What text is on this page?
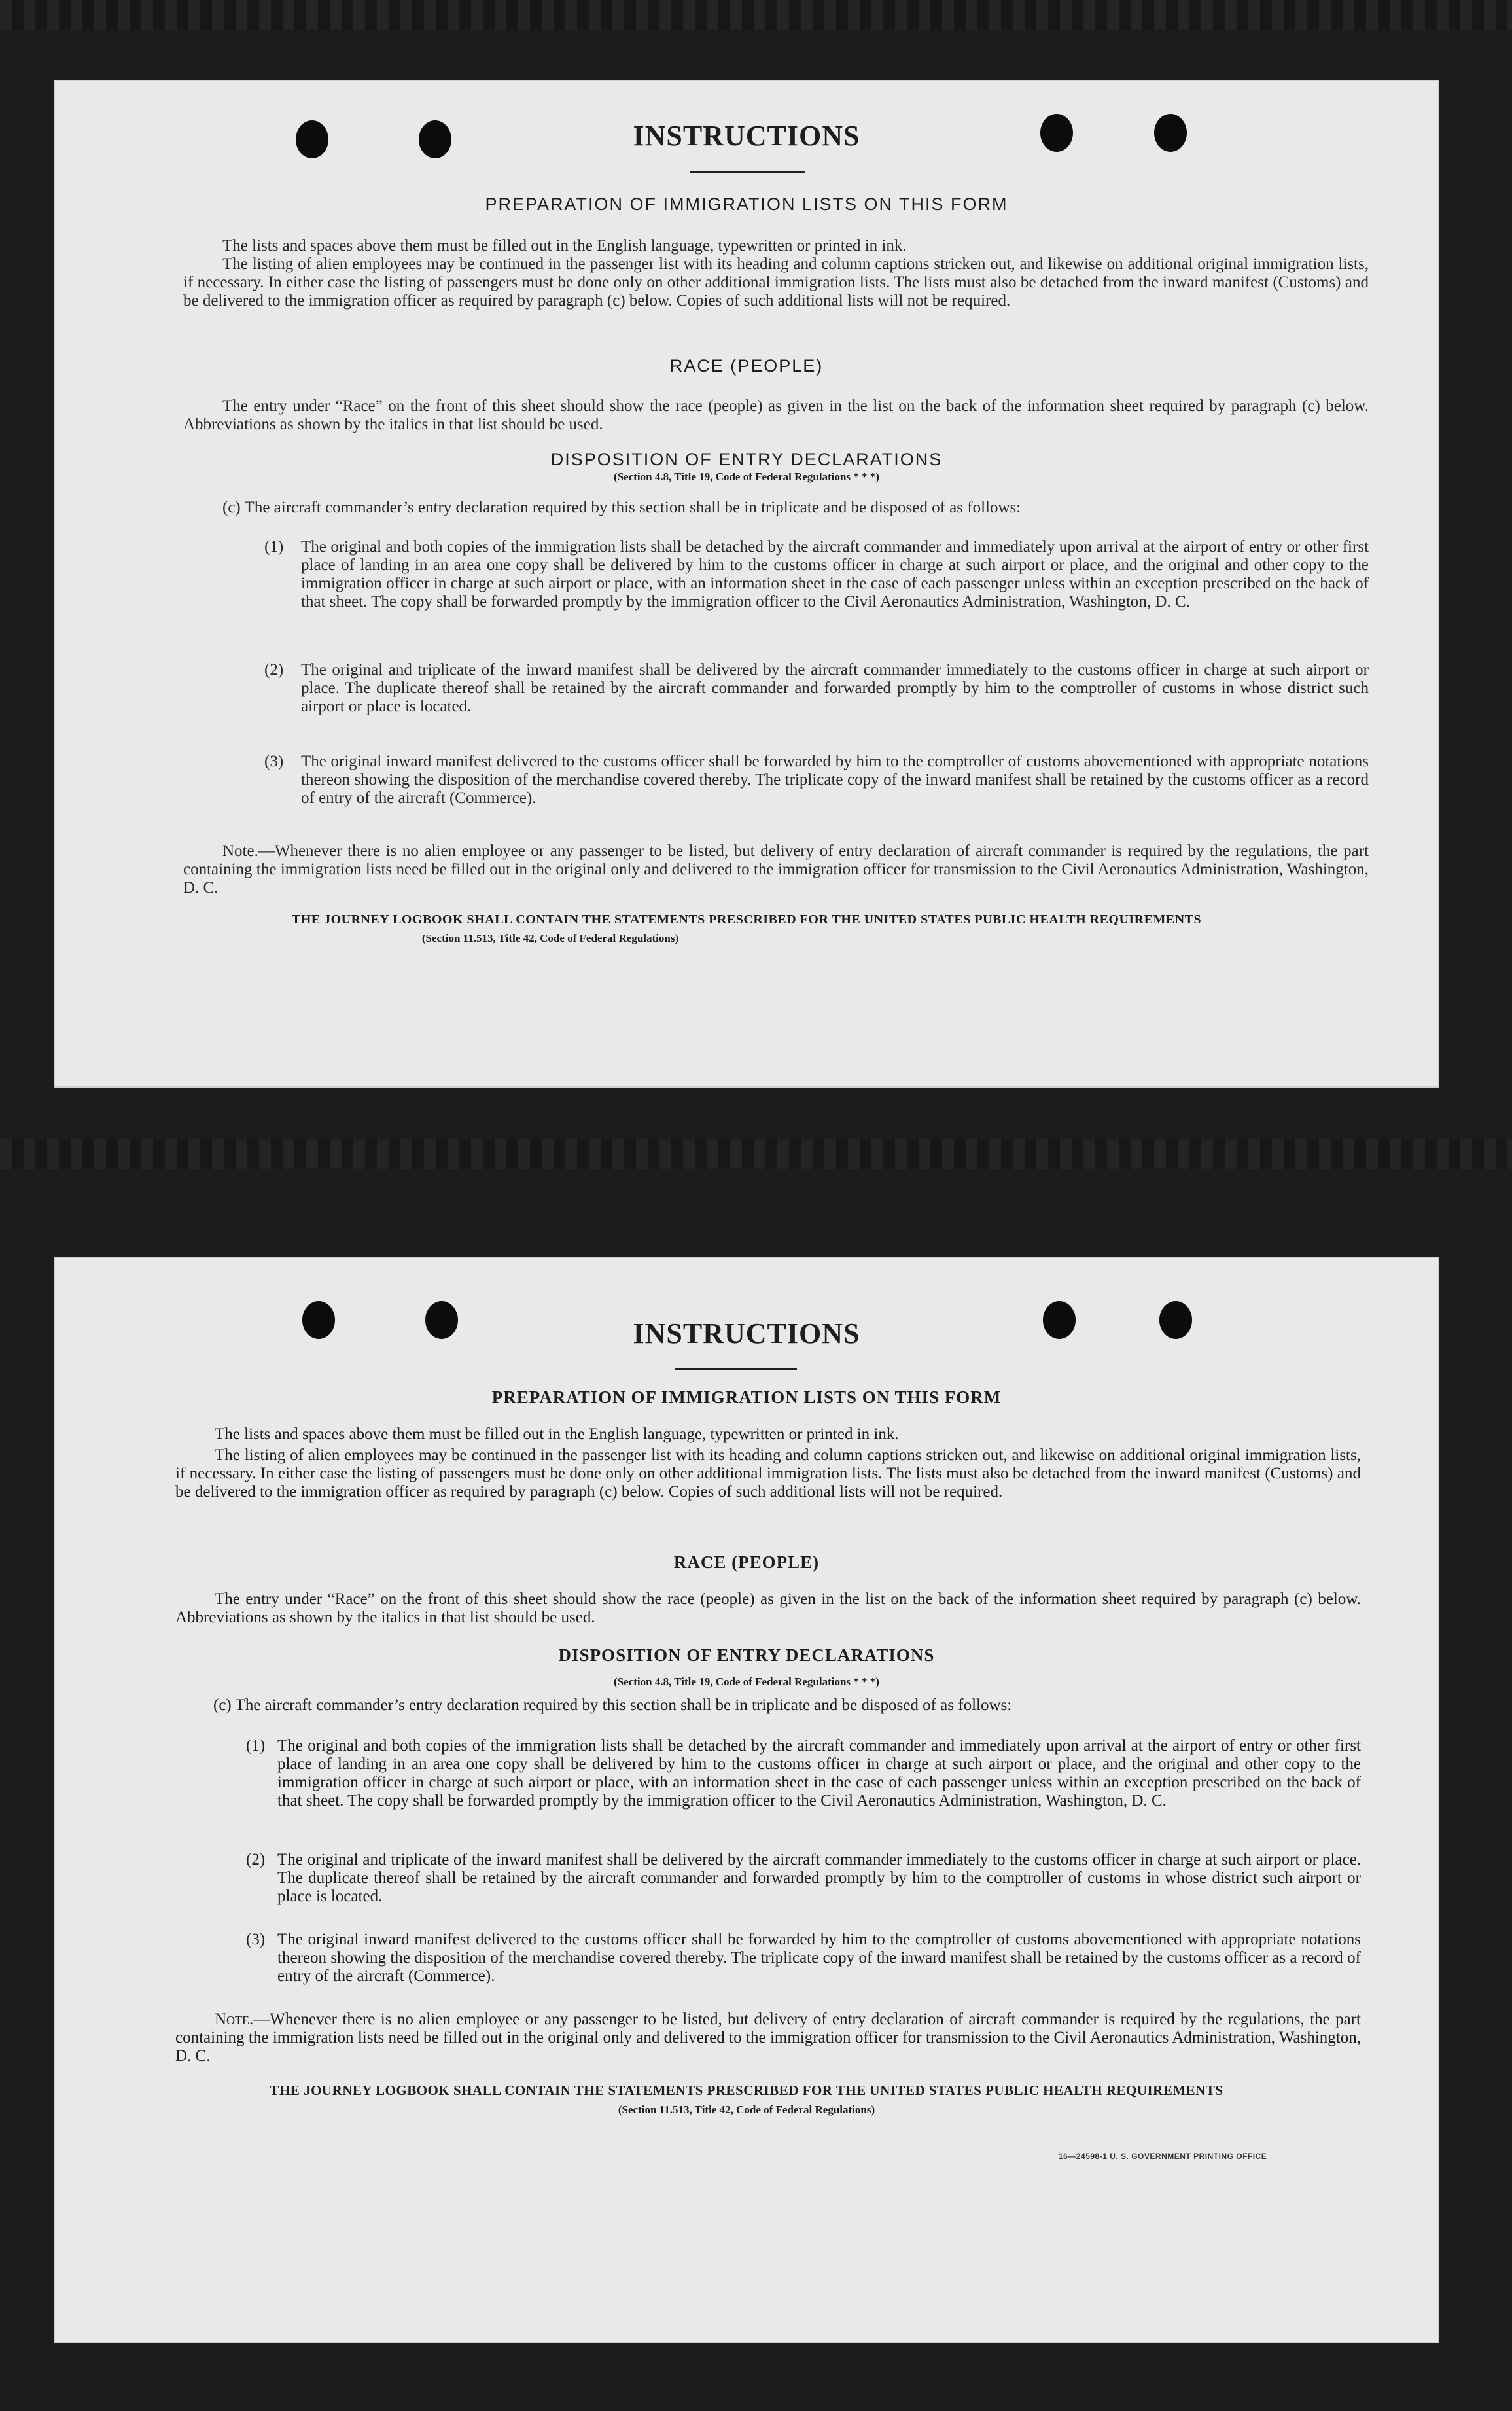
INSTRUCTIONS
PREPARATION OF IMMIGRATION LISTS ON THIS FORM

The lists and spaces above them must be filled out in the English language, typewritten or printed in ink.

The listing of alien employees may be continued in the passenger list with its heading and column captions stricken out, and likewise on additional original immigration lists, if necessary. In either case the listing of passengers must be done only on other additional immigration lists. The lists must also be detached from the inward manifest (Customs) and be delivered to the immigration officer as required by paragraph (c) below. Copies of such additional lists will not be required.

RACE (PEOPLE)

The entry under “Race” on the front of this sheet should show the race (people) as given in the list on the back of the information sheet required by paragraph (c) below. Abbreviations as shown by the italics in that list should be used.

DISPOSITION OF ENTRY DECLARATIONS
(Section 4.8, Title 19, Code of Federal Regulations * * *)

(c) The aircraft commander’s entry declaration required by this section shall be in triplicate and be disposed of as follows:

(1)	The original and both copies of the immigration lists shall be detached by the aircraft commander and immediately upon arrival at the airport of entry or other first place of landing in an area one copy shall be delivered by him to the customs officer in charge at such airport or place, and the original and other copy to the immigration officer in charge at such airport or place, with an information sheet in the case of each passenger unless within an exception prescribed on the back of that sheet. The copy shall be forwarded promptly by the immigration officer to the Civil Aeronautics Administration, Washington, D. C.
(2)	The original and triplicate of the inward manifest shall be delivered by the aircraft commander immediately to the customs officer in charge at such airport or place. The duplicate thereof shall be retained by the aircraft commander and forwarded promptly by him to the comptroller of customs in whose district such airport or place is located.
(3)	The original inward manifest delivered to the customs officer shall be forwarded by him to the comptroller of customs abovementioned with appropriate notations thereon showing the disposition of the merchandise covered thereby. The triplicate copy of the inward manifest shall be retained by the customs officer as a record of entry of the aircraft (Commerce).

Note.—Whenever there is no alien employee or any passenger to be listed, but delivery of entry declaration of aircraft commander is required by the regulations, the part containing the immigration lists need be filled out in the original only and delivered to the immigration officer for transmission to the Civil Aeronautics Administration, Washington, D. C.

THE JOURNEY LOGBOOK SHALL CONTAIN THE STATEMENTS PRESCRIBED FOR THE UNITED STATES PUBLIC HEALTH REQUIREMENTS
(Section 11.513, Title 42, Code of Federal Regulations)
INSTRUCTIONS
PREPARATION OF IMMIGRATION LISTS ON THIS FORM

The lists and spaces above them must be filled out in the English language, typewritten or printed in ink.

The listing of alien employees may be continued in the passenger list with its heading and column captions stricken out, and likewise on additional original immigration lists, if necessary. In either case the listing of passengers must be done only on other additional immigration lists. The lists must also be detached from the inward manifest (Customs) and be delivered to the immigration officer as required by paragraph (c) below. Copies of such additional lists will not be required.

RACE (PEOPLE)

The entry under “Race” on the front of this sheet should show the race (people) as given in the list on the back of the information sheet required by paragraph (c) below. Abbreviations as shown by the italics in that list should be used.

DISPOSITION OF ENTRY DECLARATIONS
(Section 4.8, Title 19, Code of Federal Regulations * * *)

(c) The aircraft commander’s entry declaration required by this section shall be in triplicate and be disposed of as follows:

(1) The original and both copies of the immigration lists shall be detached by the aircraft commander and immediately upon arrival at the airport of entry or other first place of landing in an area one copy shall be delivered by him to the customs officer in charge at such airport or place, and the original and other copy to the immigration officer in charge at such airport or place, with an information sheet in the case of each passenger unless within an exception prescribed on the back of that sheet. The copy shall be forwarded promptly by the immigration officer to the Civil Aeronautics Administration, Washington, D. C.
(2) The original and triplicate of the inward manifest shall be delivered by the aircraft commander immediately to the customs officer in charge at such airport or place. The duplicate thereof shall be retained by the aircraft commander and forwarded promptly by him to the comptroller of customs in whose district such airport or place is located.
(3) The original inward manifest delivered to the customs officer shall be forwarded by him to the comptroller of customs abovementioned with appropriate notations thereon showing the disposition of the merchandise covered thereby. The triplicate copy of the inward manifest shall be retained by the customs officer as a record of entry of the aircraft (Commerce).

Note.—Whenever there is no alien employee or any passenger to be listed, but delivery of entry declaration of aircraft commander is required by the regulations, the part containing the immigration lists need be filled out in the original only and delivered to the immigration officer for transmission to the Civil Aeronautics Administration, Washington, D. C.

THE JOURNEY LOGBOOK SHALL CONTAIN THE STATEMENTS PRESCRIBED FOR THE UNITED STATES PUBLIC HEALTH REQUIREMENTS
(Section 11.513, Title 42, Code of Federal Regulations)
16—24598-1 U. S. GOVERNMENT PRINTING OFFICE
